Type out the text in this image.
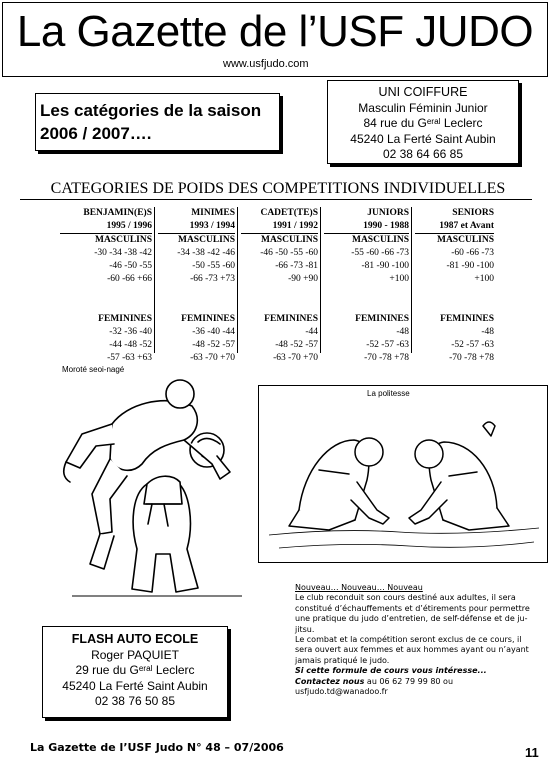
La Gazette de l’USF JUDO
www.usfjudo.com
Les catégories de la saison
2006 / 2007….
UNI COIFFURE
Masculin Féminin Junior
84 rue du Gᵉʳᵃˡ Leclerc
45240 La Ferté Saint Aubin
02 38 64 66 85
CATEGORIES DE POIDS DES COMPETITIONS INDIVIDUELLES
BENJAMIN(E)S
1995 / 1996
MASCULINS
-30 -34 -38 -42
-46 -50 -55
-60 -66 +66
FEMININES
-32 -36 -40
-44 -48 -52
-57 -63 +63
MINIMES
1993 / 1994
MASCULINS
-34 -38 -42 -46
-50 -55 -60
-66 -73 +73
FEMININES
-36 -40 -44
-48 -52 -57
-63 -70 +70
CADET(TE)S
1991 / 1992
MASCULINS
-46 -50 -55 -60
-66 -73 -81
-90 +90
FEMININES
-44
-48 -52 -57
-63 -70 +70
JUNIORS
1990 - 1988
MASCULINS
-55 -60 -66 -73
-81 -90 -100
+100
FEMININES
-48
-52 -57 -63
-70 -78 +78
SENIORS
1987 et Avant
MASCULINS
-60 -66 -73
-81 -90 -100
+100
FEMININES
-48
-52 -57 -63
-70 -78 +78
Moroté seoi-nagé
La politesse
Nouveau… Nouveau… Nouveau
Le club reconduit son cours destiné aux adultes, il sera constitué d’échauffements et d’étirements pour permettre une pratique du judo d’entretien, de self-défense et de ju-jitsu.
Le combat et la compétition seront exclus de ce cours, il sera ouvert aux femmes et aux hommes ayant ou n’ayant jamais pratiqué le judo.
Si cette formule de cours vous intéresse...
Contactez nous au 06 62 79 99 80 ou
usfjudo.td@wanadoo.fr
FLASH AUTO ECOLE
Roger PAQUIET
29 rue du Gᵉʳᵃˡ Leclerc
45240 La Ferté Saint Aubin
02 38 76 50 85
La Gazette de l’USF Judo N° 48 – 07/2006	11
